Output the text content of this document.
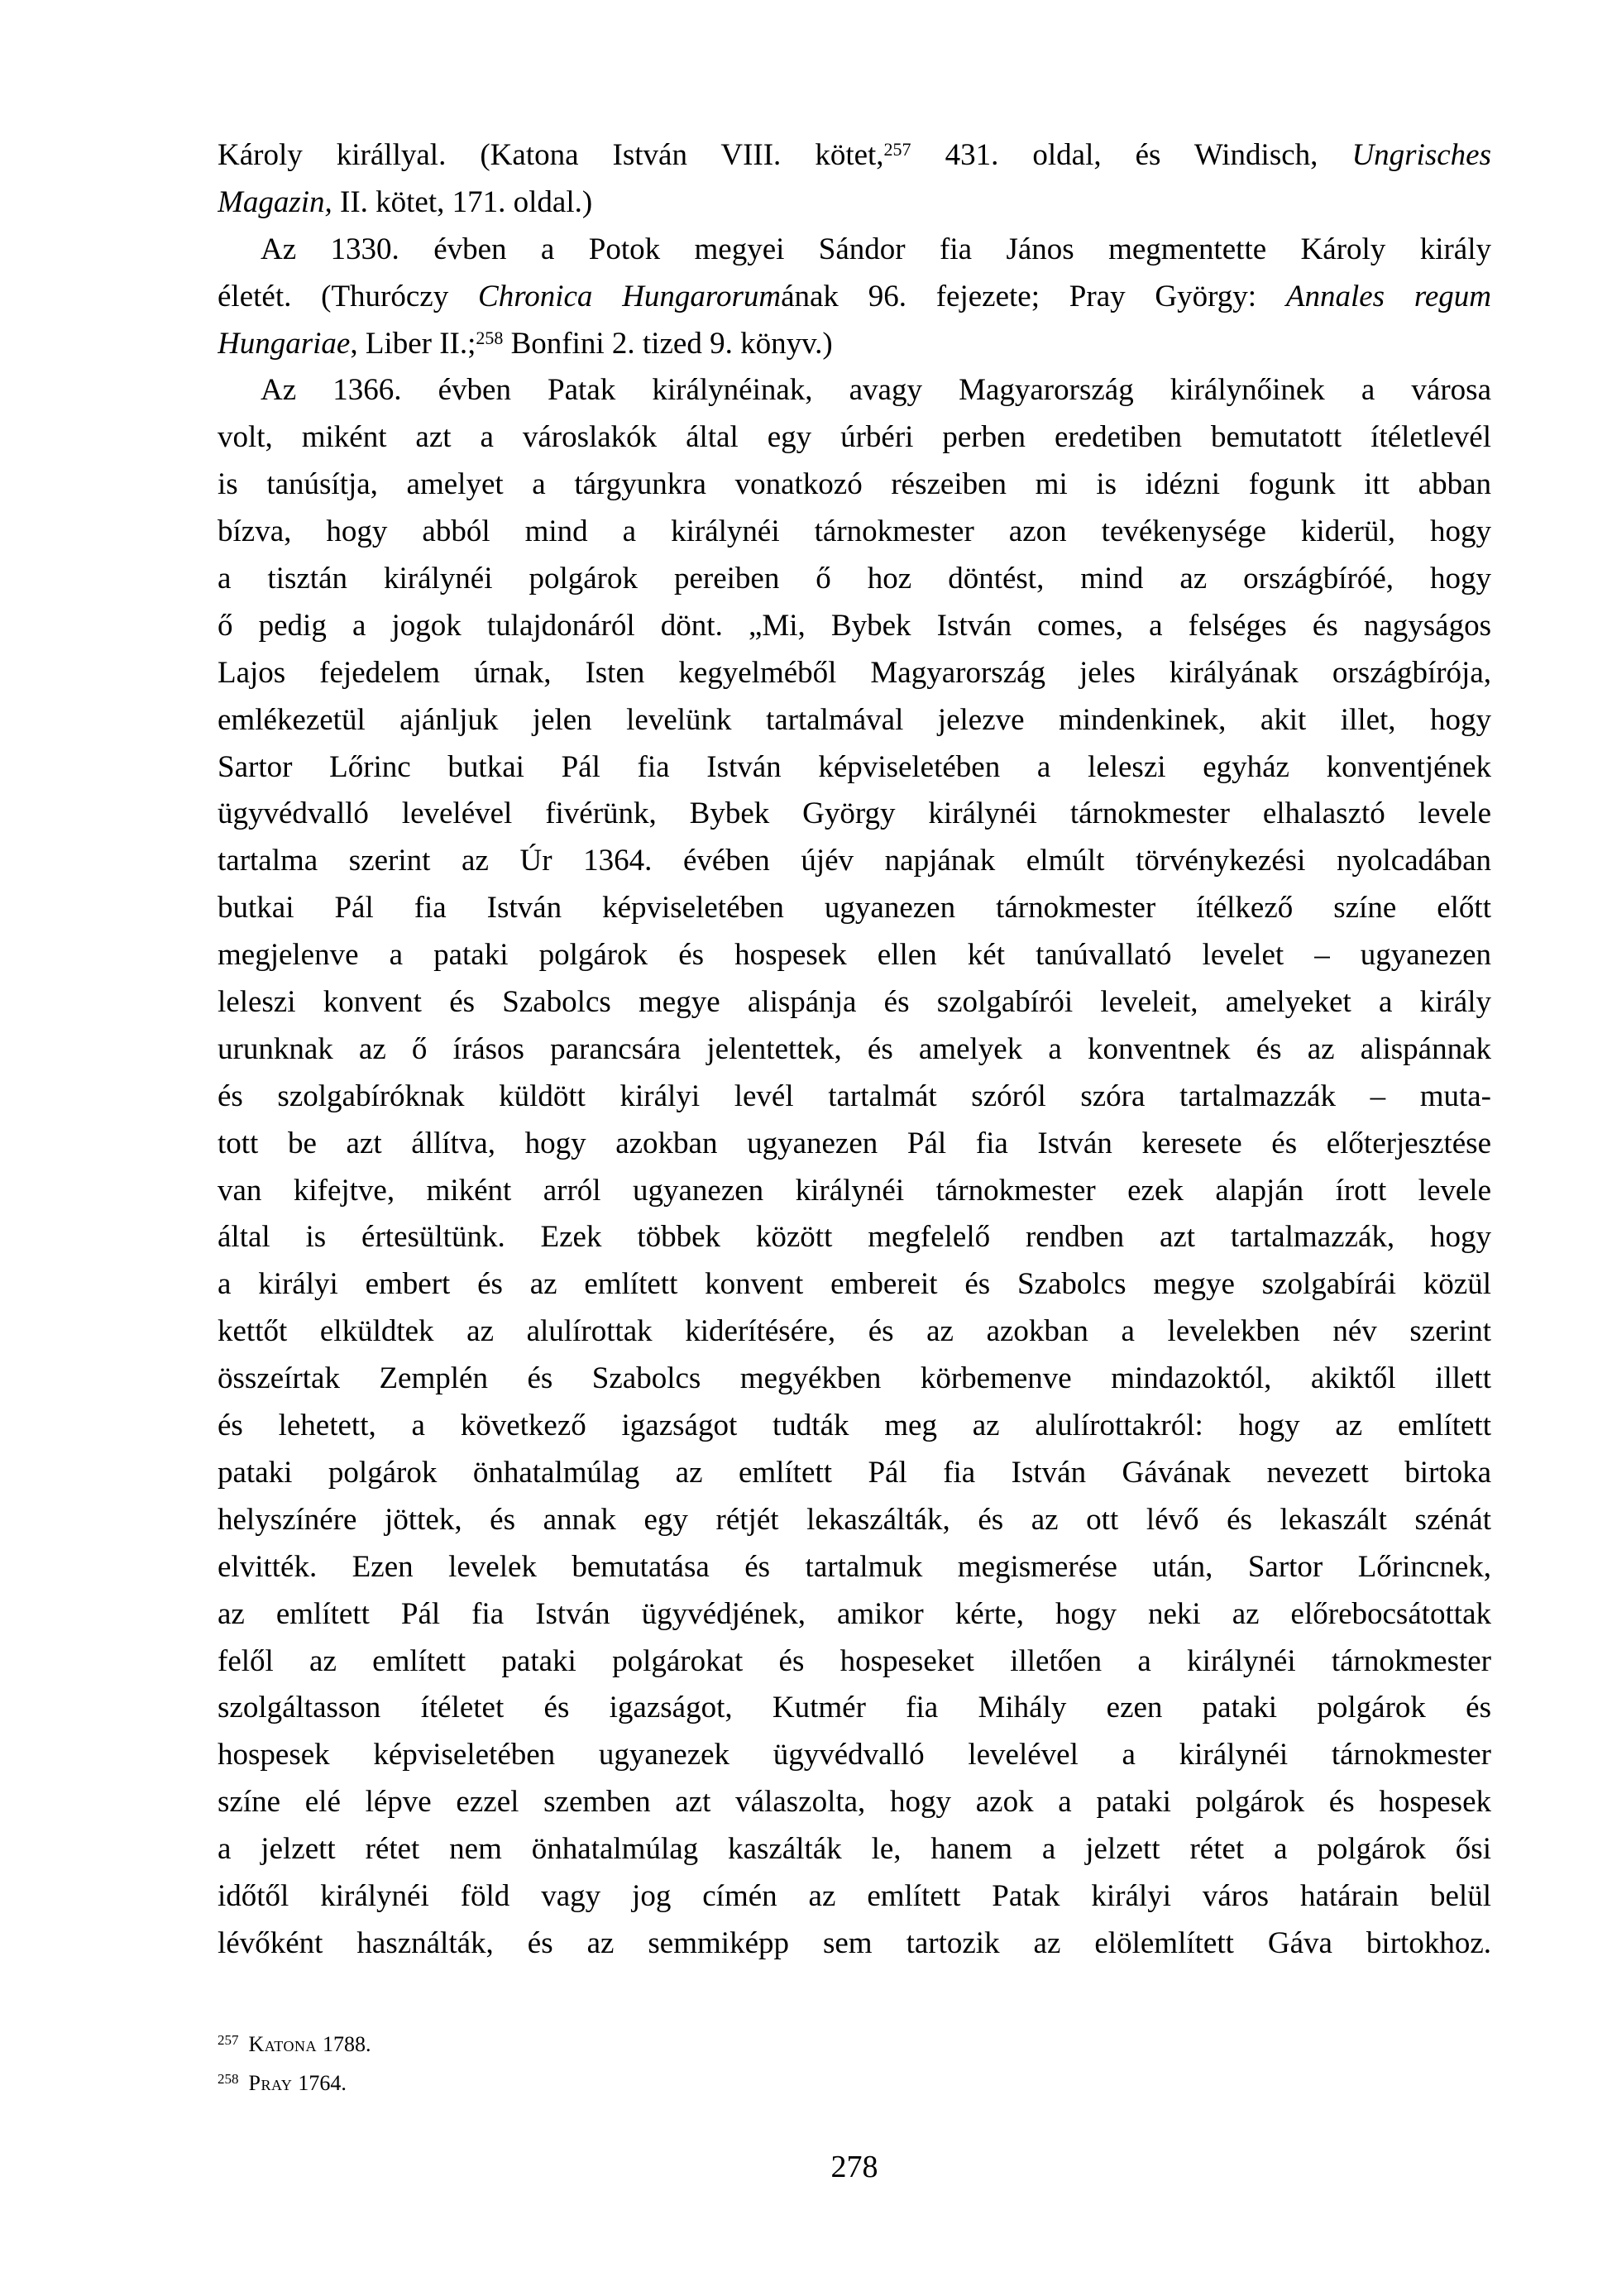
Károly királlyal. (Katona István VIII. kötet,$^{257}$ 431. oldal, és Windisch, Ungrisches
Magazin, II. kötet, 171. oldal.)
Az 1330. évben a Potok megyei Sándor fia János megmentette Károly király
életét. (Thuróczy Chronica Hungarorumának 96. fejezete; Pray György: Annales regum
Hungariae, Liber II.;$^{258}$ Bonfini 2. tized 9. könyv.)
Az 1366. évben Patak királynéinak, avagy Magyarország királynőinek a városa
volt, miként azt a városlakók által egy úrbéri perben eredetiben bemutatott ítéletlevél
is tanúsítja, amelyet a tárgyunkra vonatkozó részeiben mi is idézni fogunk itt abban
bízva, hogy abból mind a királynéi tárnokmester azon tevékenysége kiderül, hogy
a tisztán királynéi polgárok pereiben ő hoz döntést, mind az országbíróé, hogy
ő pedig a jogok tulajdonáról dönt. „Mi, Bybek István comes, a felséges és nagyságos
Lajos fejedelem úrnak, Isten kegyelméből Magyarország jeles királyának országbírója,
emlékezetül ajánljuk jelen levelünk tartalmával jelezve mindenkinek, akit illet, hogy
Sartor Lőrinc butkai Pál fia István képviseletében a leleszi egyház konventjének
ügyvédvalló levelével fivérünk, Bybek György királynéi tárnokmester elhalasztó levele
tartalma szerint az Úr 1364. évében újév napjának elmúlt törvénykezési nyolcadában
butkai Pál fia István képviseletében ugyanezen tárnokmester ítélkező színe előtt
megjelenve a pataki polgárok és hospesek ellen két tanúvallató levelet – ugyanezen
leleszi konvent és Szabolcs megye alispánja és szolgabírói leveleit, amelyeket a király
urunknak az ő írásos parancsára jelentettek, és amelyek a konventnek és az alispánnak
és szolgabíróknak küldött királyi levél tartalmát szóról szóra tartalmazzák – muta-
tott be azt állítva, hogy azokban ugyanezen Pál fia István keresete és előterjesztése
van kifejtve, miként arról ugyanezen királynéi tárnokmester ezek alapján írott levele
által is értesültünk. Ezek többek között megfelelő rendben azt tartalmazzák, hogy
a királyi embert és az említett konvent embereit és Szabolcs megye szolgabírái közül
kettőt elküldtek az alulírottak kiderítésére, és az azokban a levelekben név szerint
összeírtak Zemplén és Szabolcs megyékben körbemenve mindazoktól, akiktől illett
és lehetett, a következő igazságot tudták meg az alulírottakról: hogy az említett
pataki polgárok önhatalmúlag az említett Pál fia István Gávának nevezett birtoka
helyszínére jöttek, és annak egy rétjét lekaszálták, és az ott lévő és lekaszált szénát
elvitték. Ezen levelek bemutatása és tartalmuk megismerése után, Sartor Lőrincnek,
az említett Pál fia István ügyvédjének, amikor kérte, hogy neki az előrebocsátottak
felől az említett pataki polgárokat és hospeseket illetően a királynéi tárnokmester
szolgáltasson ítéletet és igazságot, Kutmér fia Mihály ezen pataki polgárok és
hospesek képviseletében ugyanezek ügyvédvalló levelével a királynéi tárnokmester
színe elé lépve ezzel szemben azt válaszolta, hogy azok a pataki polgárok és hospesek
a jelzett rétet nem önhatalmúlag kaszálták le, hanem a jelzett rétet a polgárok ősi
időtől királynéi föld vagy jog címén az említett Patak királyi város határain belül
lévőként használták, és az semmiképp sem tartozik az elölemlített Gáva birtokhoz.
$^{257}$ Katona 1788.
$^{258}$ Pray 1764.
278
